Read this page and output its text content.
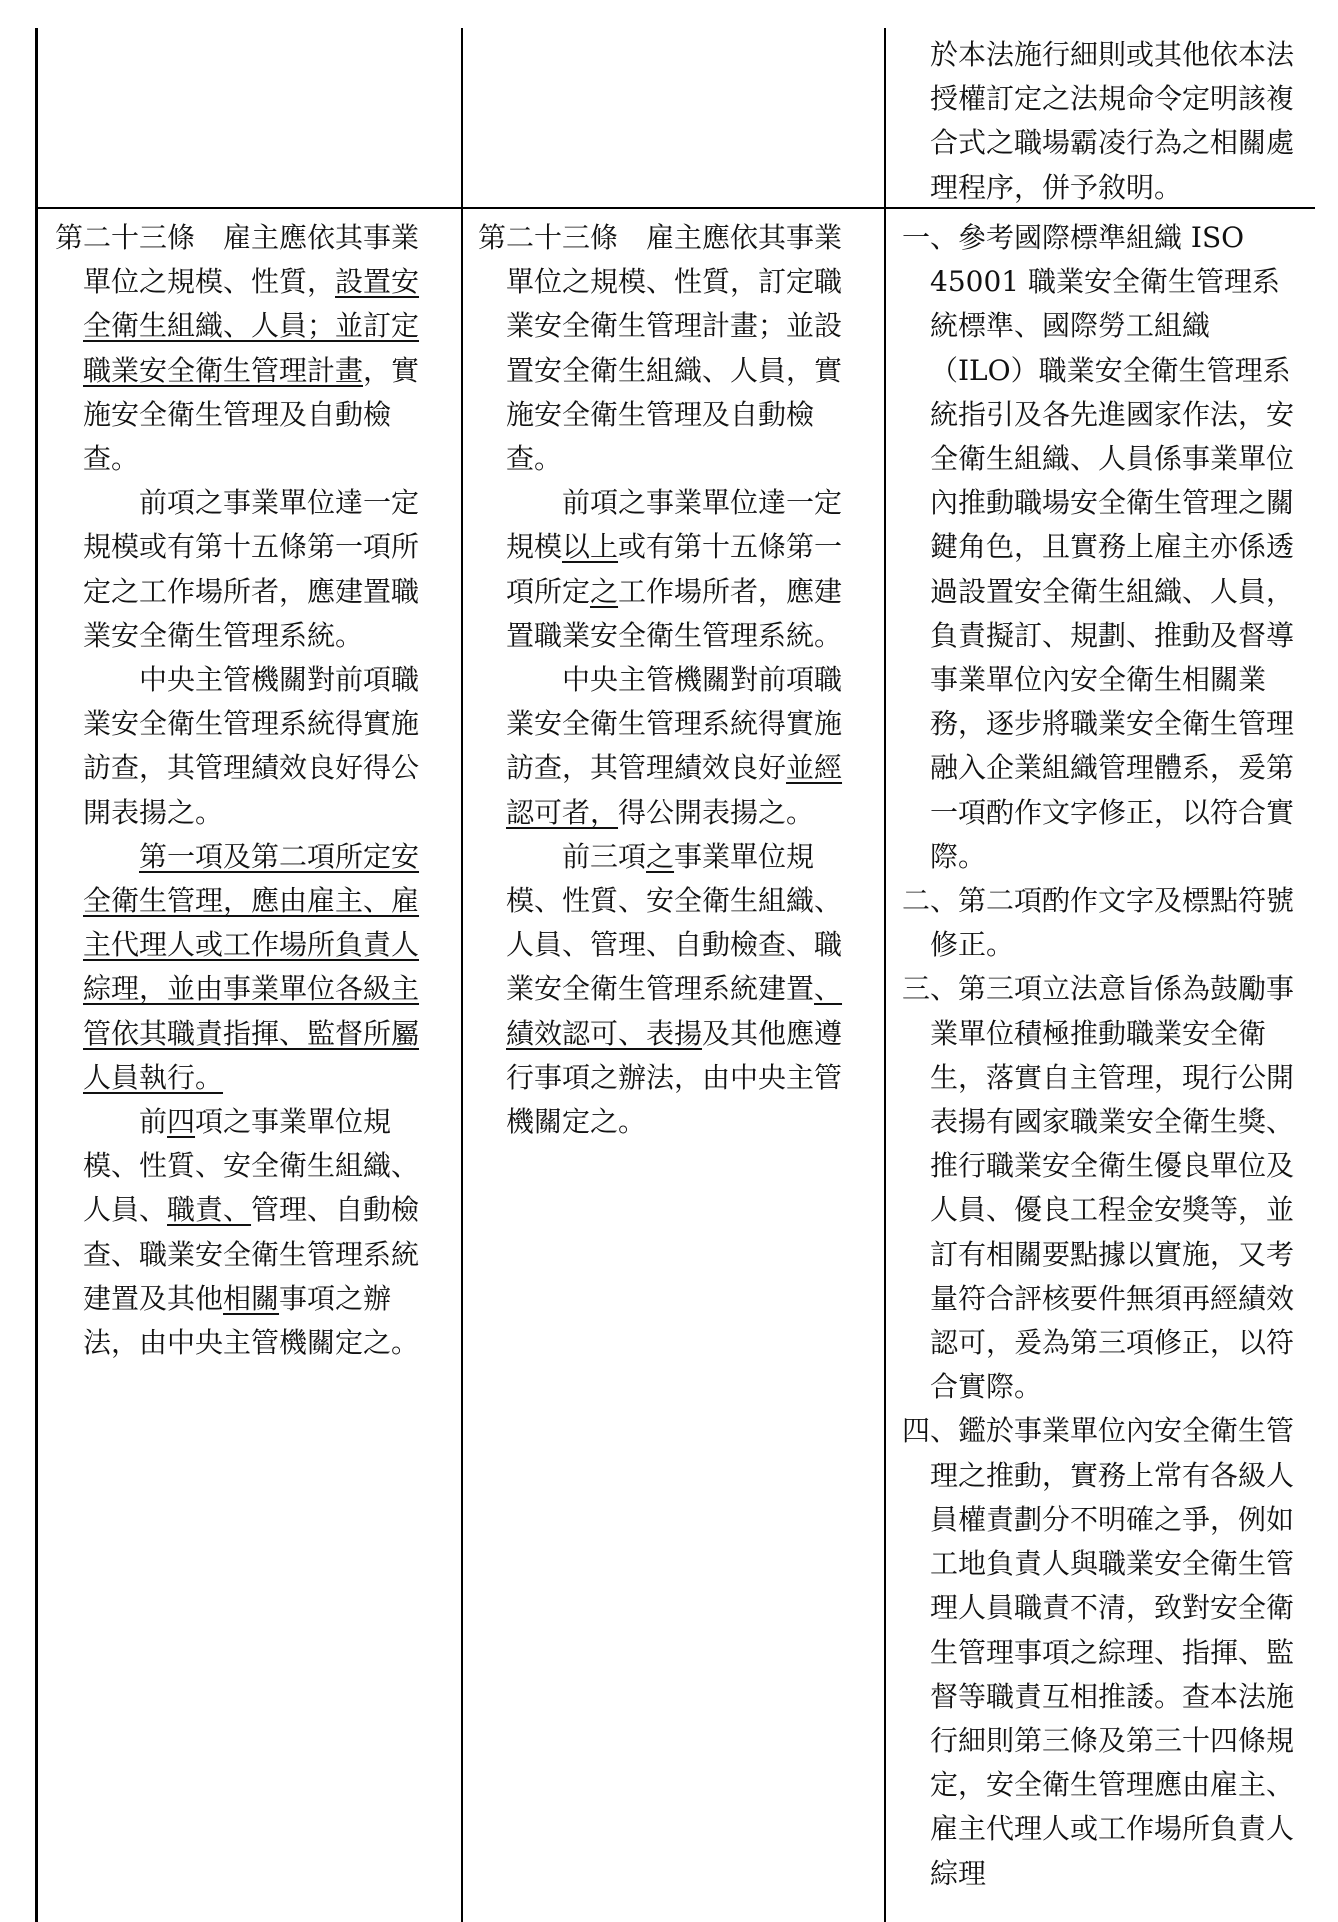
於本法施行細則或其他依本法授權訂定之法規命令定明該複合式之職場霸凌行為之相關處理程序，併予敘明。

第二十三條　雇主應依其事業單位之規模、性質，設置安全衛生組織、人員；並訂定職業安全衛生管理計畫，實施安全衛生管理及自動檢查。

前項之事業單位達一定規模或有第十五條第一項所定之工作場所者，應建置職業安全衛生管理系統。

中央主管機關對前項職業安全衛生管理系統得實施訪查，其管理績效良好得公開表揚之。

第一項及第二項所定安全衛生管理，應由雇主、雇主代理人或工作場所負責人綜理，並由事業單位各級主管依其職責指揮、監督所屬人員執行。

前四項之事業單位規模、性質、安全衛生組織、人員、職責、管理、自動檢查、職業安全衛生管理系統建置及其他相關事項之辦法，由中央主管機關定之。

第二十三條　雇主應依其事業單位之規模、性質，訂定職業安全衛生管理計畫；並設置安全衛生組織、人員，實施安全衛生管理及自動檢查。

前項之事業單位達一定規模以上或有第十五條第一項所定之工作場所者，應建置職業安全衛生管理系統。

中央主管機關對前項職業安全衛生管理系統得實施訪查，其管理績效良好並經認可者，得公開表揚之。

前三項之事業單位規模、性質、安全衛生組織、人員、管理、自動檢查、職業安全衛生管理系統建置、績效認可、表揚及其他應遵行事項之辦法，由中央主管機關定之。

一、參考國際標準組織 ISO 45001 職業安全衛生管理系統標準、國際勞工組織（ILO）職業安全衛生管理系統指引及各先進國家作法，安全衛生組織、人員係事業單位內推動職場安全衛生管理之關鍵角色，且實務上雇主亦係透過設置安全衛生組織、人員，負責擬訂、規劃、推動及督導事業單位內安全衛生相關業務，逐步將職業安全衛生管理融入企業組織管理體系，爰第一項酌作文字修正，以符合實際。

二、第二項酌作文字及標點符號修正。

三、第三項立法意旨係為鼓勵事業單位積極推動職業安全衛生，落實自主管理，現行公開表揚有國家職業安全衛生獎、推行職業安全衛生優良單位及人員、優良工程金安獎等，並訂有相關要點據以實施，又考量符合評核要件無須再經績效認可，爰為第三項修正，以符合實際。

四、鑑於事業單位內安全衛生管理之推動，實務上常有各級人員權責劃分不明確之爭，例如工地負責人與職業安全衛生管理人員職責不清，致對安全衛生管理事項之綜理、指揮、監督等職責互相推諉。查本法施行細則第三條及第三十四條規定，安全衛生管理應由雇主、雇主代理人或工作場所負責人綜理
